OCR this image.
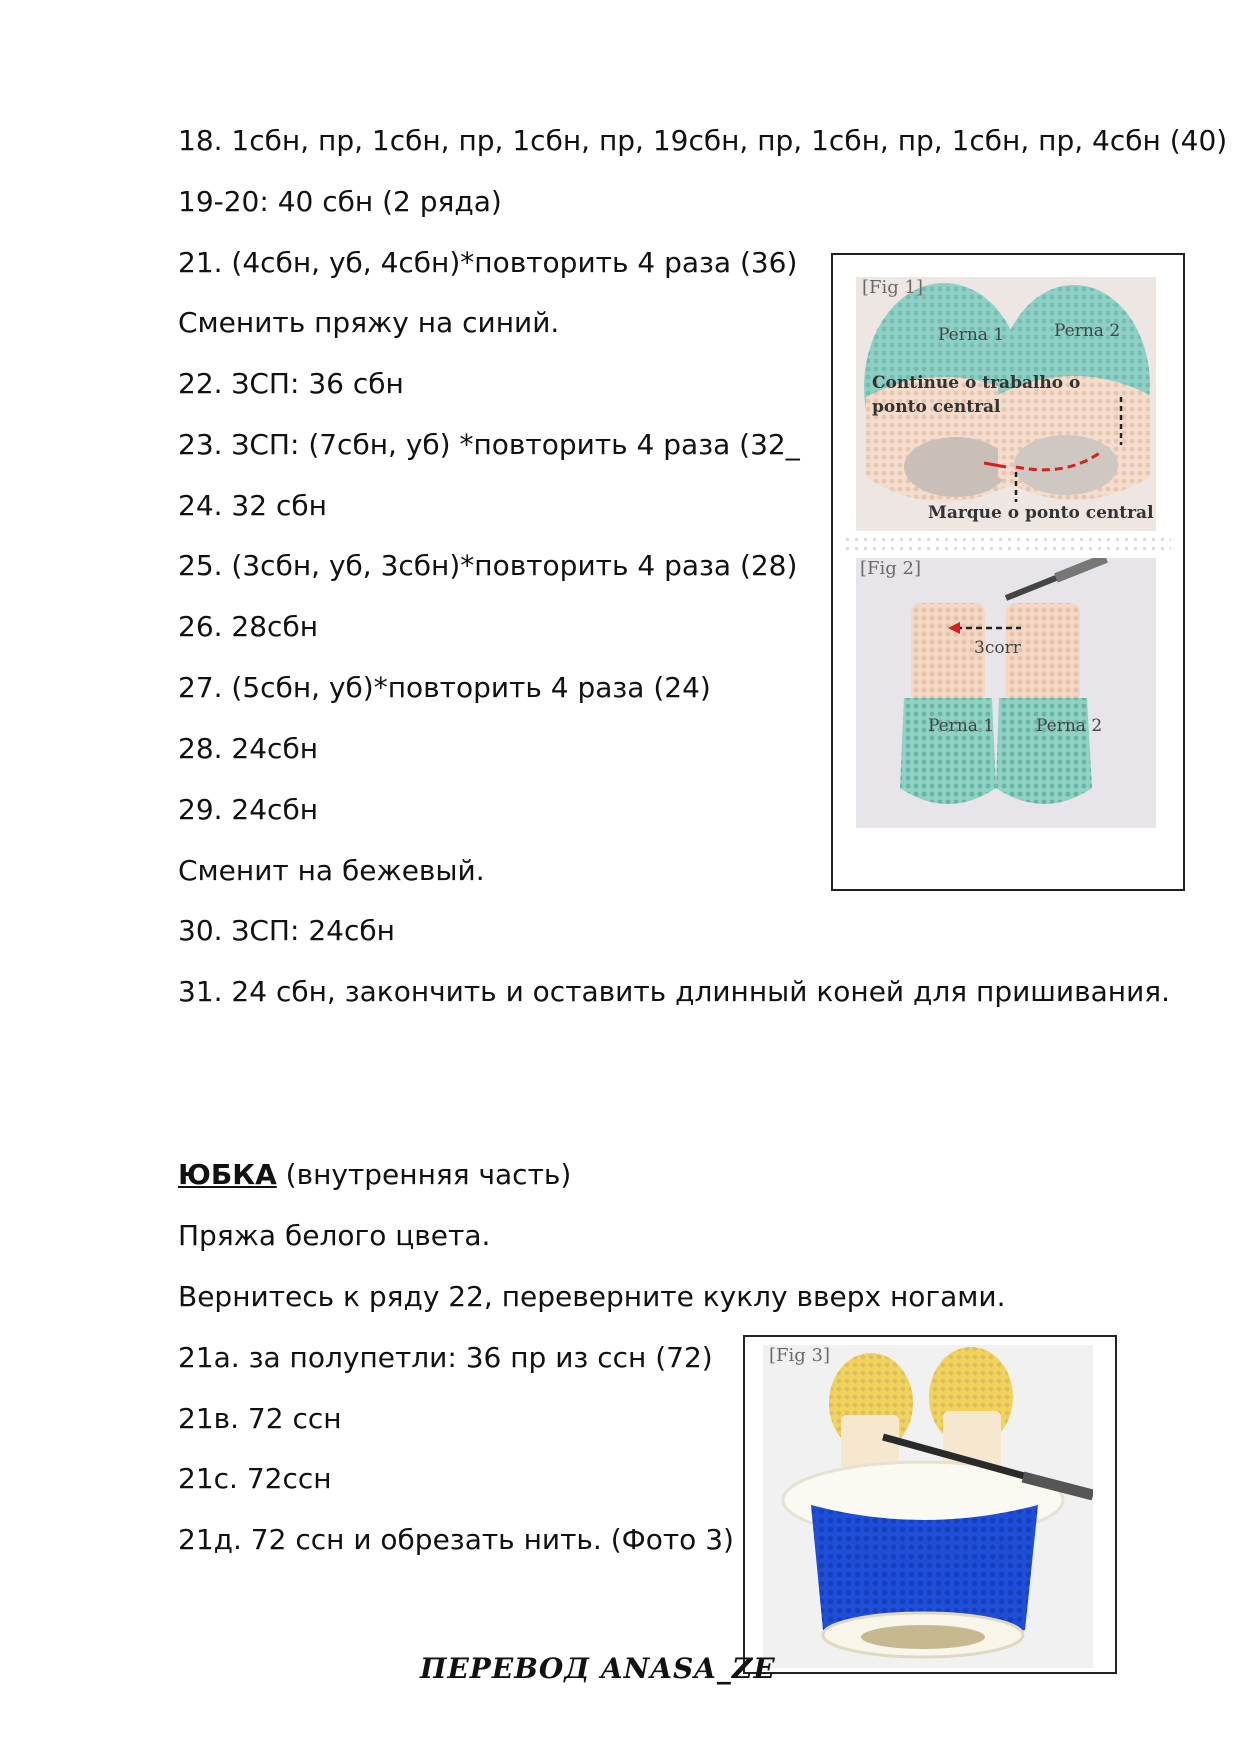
18. 1сбн, пр, 1сбн, пр, 1сбн, пр, 19сбн, пр, 1сбн, пр, 1сбн, пр, 4сбн (40)
19-20: 40 сбн (2 ряда)
21. (4сбн, уб, 4сбн)*повторить 4 раза (36)
Сменить пряжу на синий.
22. ЗСП: 36 сбн
23. ЗСП: (7сбн, уб) *повторить 4 раза (32_
24. 32 сбн
25. (3сбн, уб, 3сбн)*повторить 4 раза (28)
26. 28сбн
27. (5сбн, уб)*повторить 4 раза (24)
28. 24сбн
29. 24сбн
Сменит на бежевый.
30. ЗСП: 24сбн
31. 24 сбн, закончить и оставить длинный коней для пришивания.
ЮБКА (внутренняя часть)
Пряжа белого цвета.
Вернитесь к ряду 22, переверните куклу вверх ногами.
21а. за полупетли: 36 пр из ссн (72)
21в. 72 ссн
21с. 72ссн
21д. 72 ссн и обрезать нить. (Фото 3)
[Fig 1]
Perna 1	Perna 2
Continue o trabalho o ponto central
Marque o ponto central
[Fig 2]
3corr
Perna 1 Perna 2
[Fig 3]
ПЕРЕВОД ANASA_ZE
